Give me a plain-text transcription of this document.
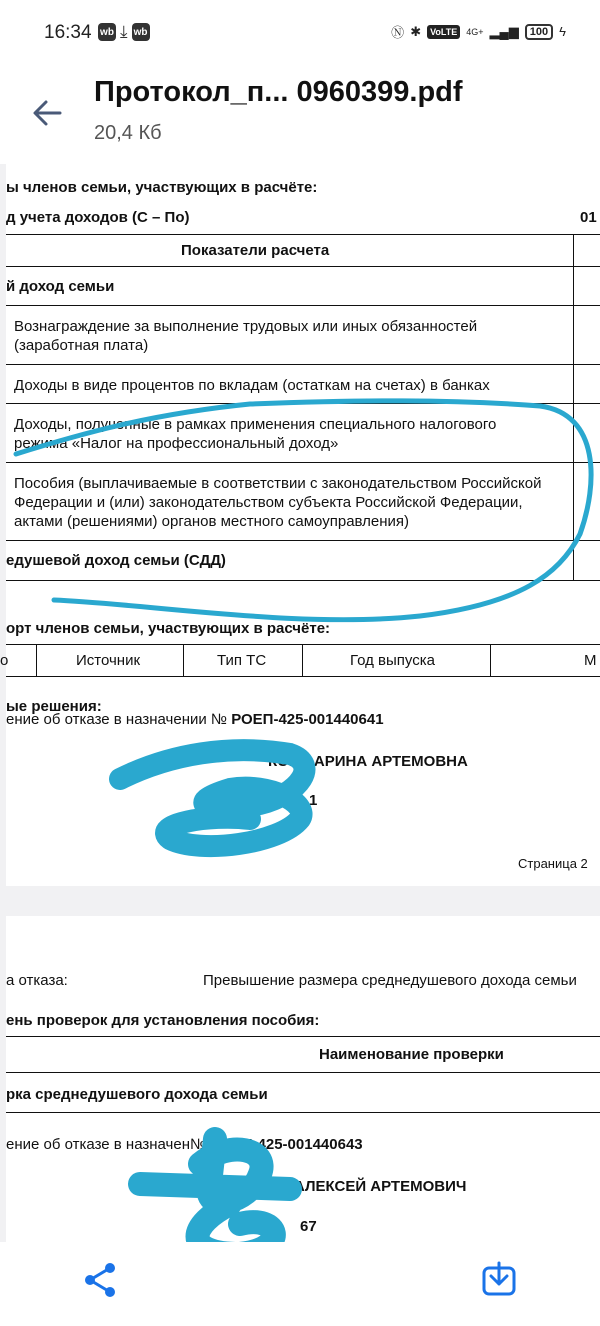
16:34 wb ⤓ wb	Ⓝ ✱	VoLTE	4G+ ▂▄▆	100 ϟ
Протокол_п... 0960399.pdf
20,4 Кб
ы членов семьи, участвующих в расчёте:
д учета доходов (С – По)	01
Показатели расчета
й доход семьи
Вознаграждение за выполнение трудовых или иных обязанностей (заработная плата)
Доходы в виде процентов по вкладам (остаткам на счетах) в банках
Доходы, полученные в рамках применения специального налогового режима «Налог на профессиональный доход»
Пособия (выплачиваемые в соответствии с законодательством Российской Федерации и (или) законодательством субъекта Российской Федерации, актами (решениями) органов местного самоуправления)
едушевой доход семьи (СДД)
орт членов семьи, участвующих в расчёте:
о	Источник	Тип ТС	Год выпуска	М
ые решения:
ение об отказе в назначении № РОЕП-425-001440641
КОВА АРИНА АРТЕМОВНА
1
Страница 2
а отказа:	Превышение размера среднедушевого дохода семьи
ень проверок для установления пособия:
Наименование проверки
рка среднедушевого дохода семьи
ение об отказе в назначен№ РОЕП-425-001440643
АЛЕКСЕЙ АРТЕМОВИЧ
67
